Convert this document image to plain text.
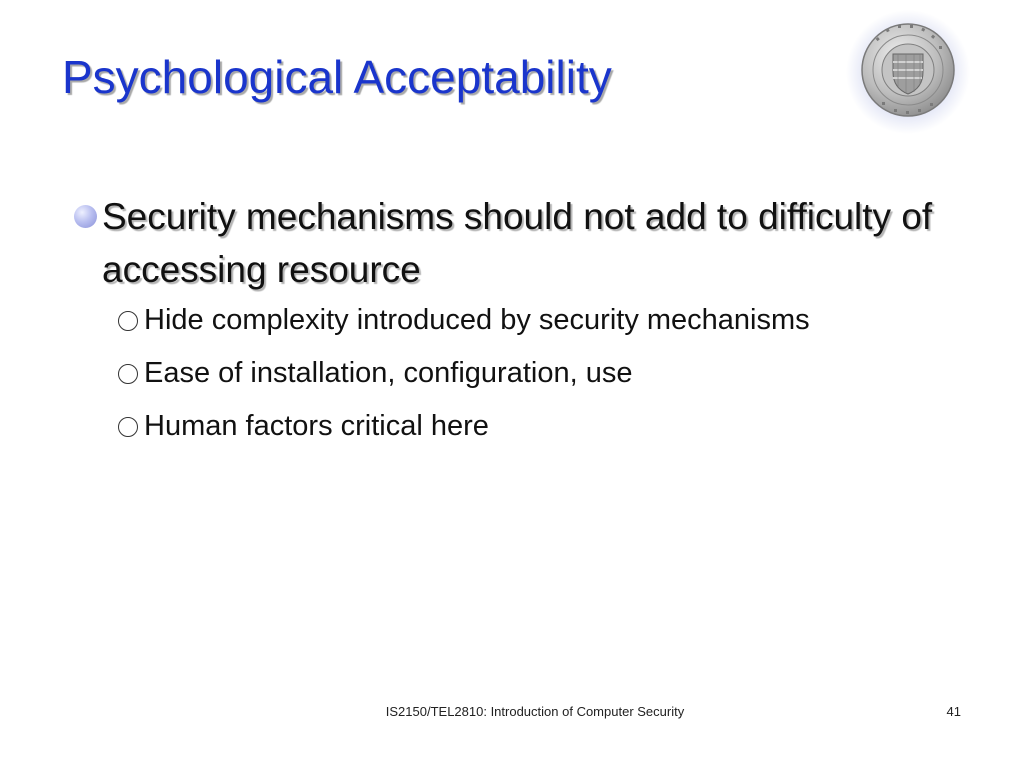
Psychological Acceptability
Security mechanisms should not add to difficulty of accessing resource
Hide complexity introduced by security mechanisms
Ease of installation, configuration, use
Human factors critical here
IS2150/TEL2810: Introduction of Computer Security	41
